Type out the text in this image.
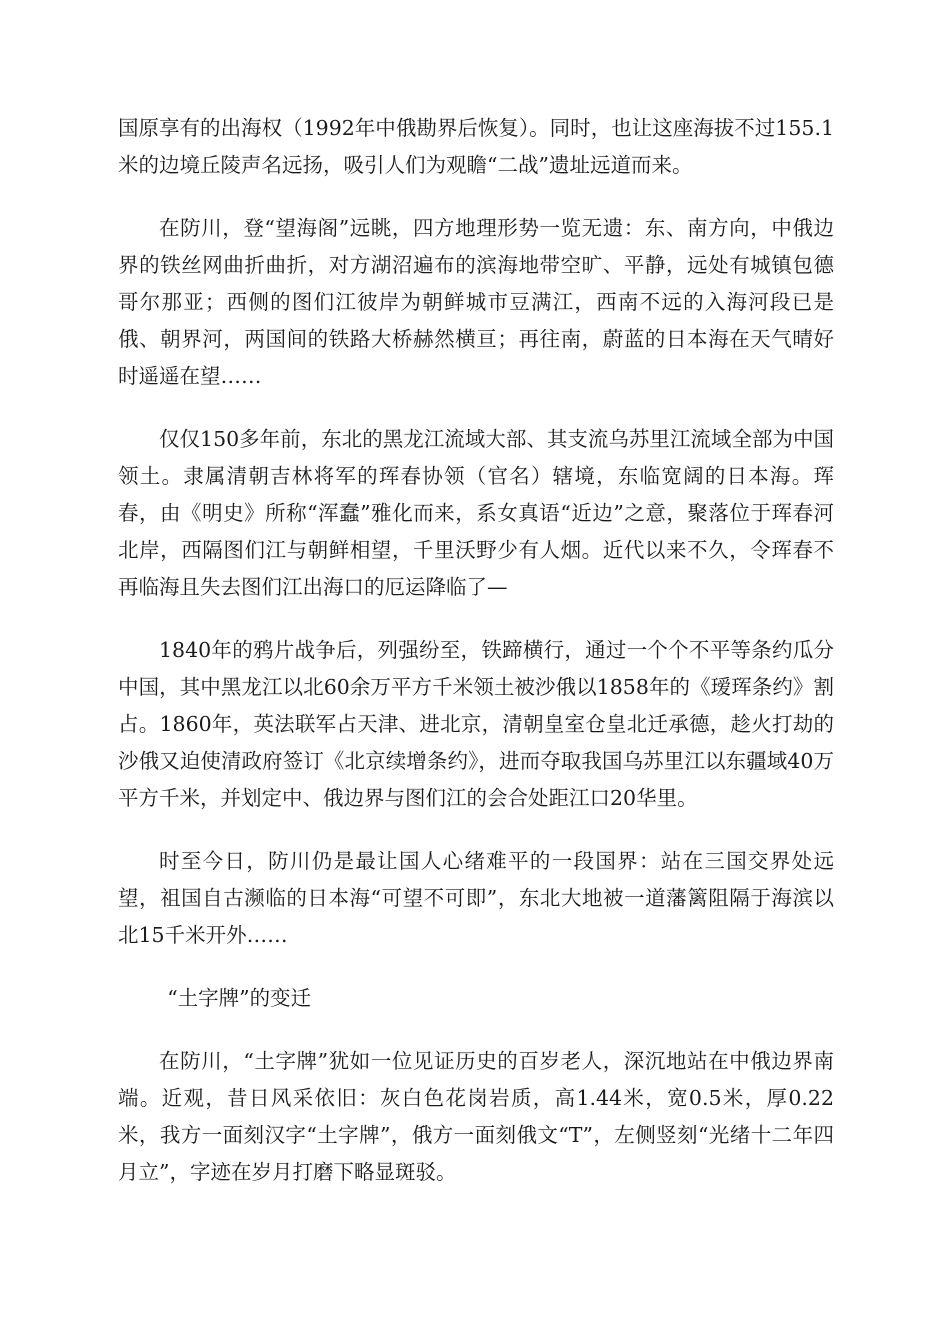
国原享有的出海权（1992年中俄勘界后恢复）。同时，也让这座海拔不过155.1米的边境丘陵声名远扬，吸引人们为观瞻“二战”遗址远道而来。

在防川，登“望海阁”远眺，四方地理形势一览无遗：东、南方向，中俄边界的铁丝网曲折曲折，对方湖沼遍布的滨海地带空旷、平静，远处有城镇包德哥尔那亚；西侧的图们江彼岸为朝鲜城市豆满江，西南不远的入海河段已是俄、朝界河，两国间的铁路大桥赫然横亘；再往南，蔚蓝的日本海在天气晴好时遥遥在望……

仅仅150多年前，东北的黑龙江流域大部、其支流乌苏里江流域全部为中国领土。隶属清朝吉林将军的珲春协领（官名）辖境，东临宽阔的日本海。珲春，由《明史》所称“浑蠢”雅化而来，系女真语“近边”之意，聚落位于珲春河北岸，西隔图们江与朝鲜相望，千里沃野少有人烟。近代以来不久，令珲春不再临海且失去图们江出海口的厄运降临了—

1840年的鸦片战争后，列强纷至，铁蹄横行，通过一个个不平等条约瓜分中国，其中黑龙江以北60余万平方千米领土被沙俄以1858年的《瑷珲条约》割占。1860年，英法联军占天津、进北京，清朝皇室仓皇北迁承德，趁火打劫的沙俄又迫使清政府签订《北京续增条约》，进而夺取我国乌苏里江以东疆域40万平方千米，并划定中、俄边界与图们江的会合处距江口20华里。

时至今日，防川仍是最让国人心绪难平的一段国界：站在三国交界处远望，祖国自古濒临的日本海“可望不可即”，东北大地被一道藩篱阻隔于海滨以北15千米开外……

“土字牌”的变迁

在防川，“土字牌”犹如一位见证历史的百岁老人，深沉地站在中俄边界南端。近观，昔日风采依旧：灰白色花岗岩质，高1.44米，宽0.5米，厚0.22米，我方一面刻汉字“土字牌”，俄方一面刻俄文“T”，左侧竖刻“光绪十二年四月立”，字迹在岁月打磨下略显斑驳。
